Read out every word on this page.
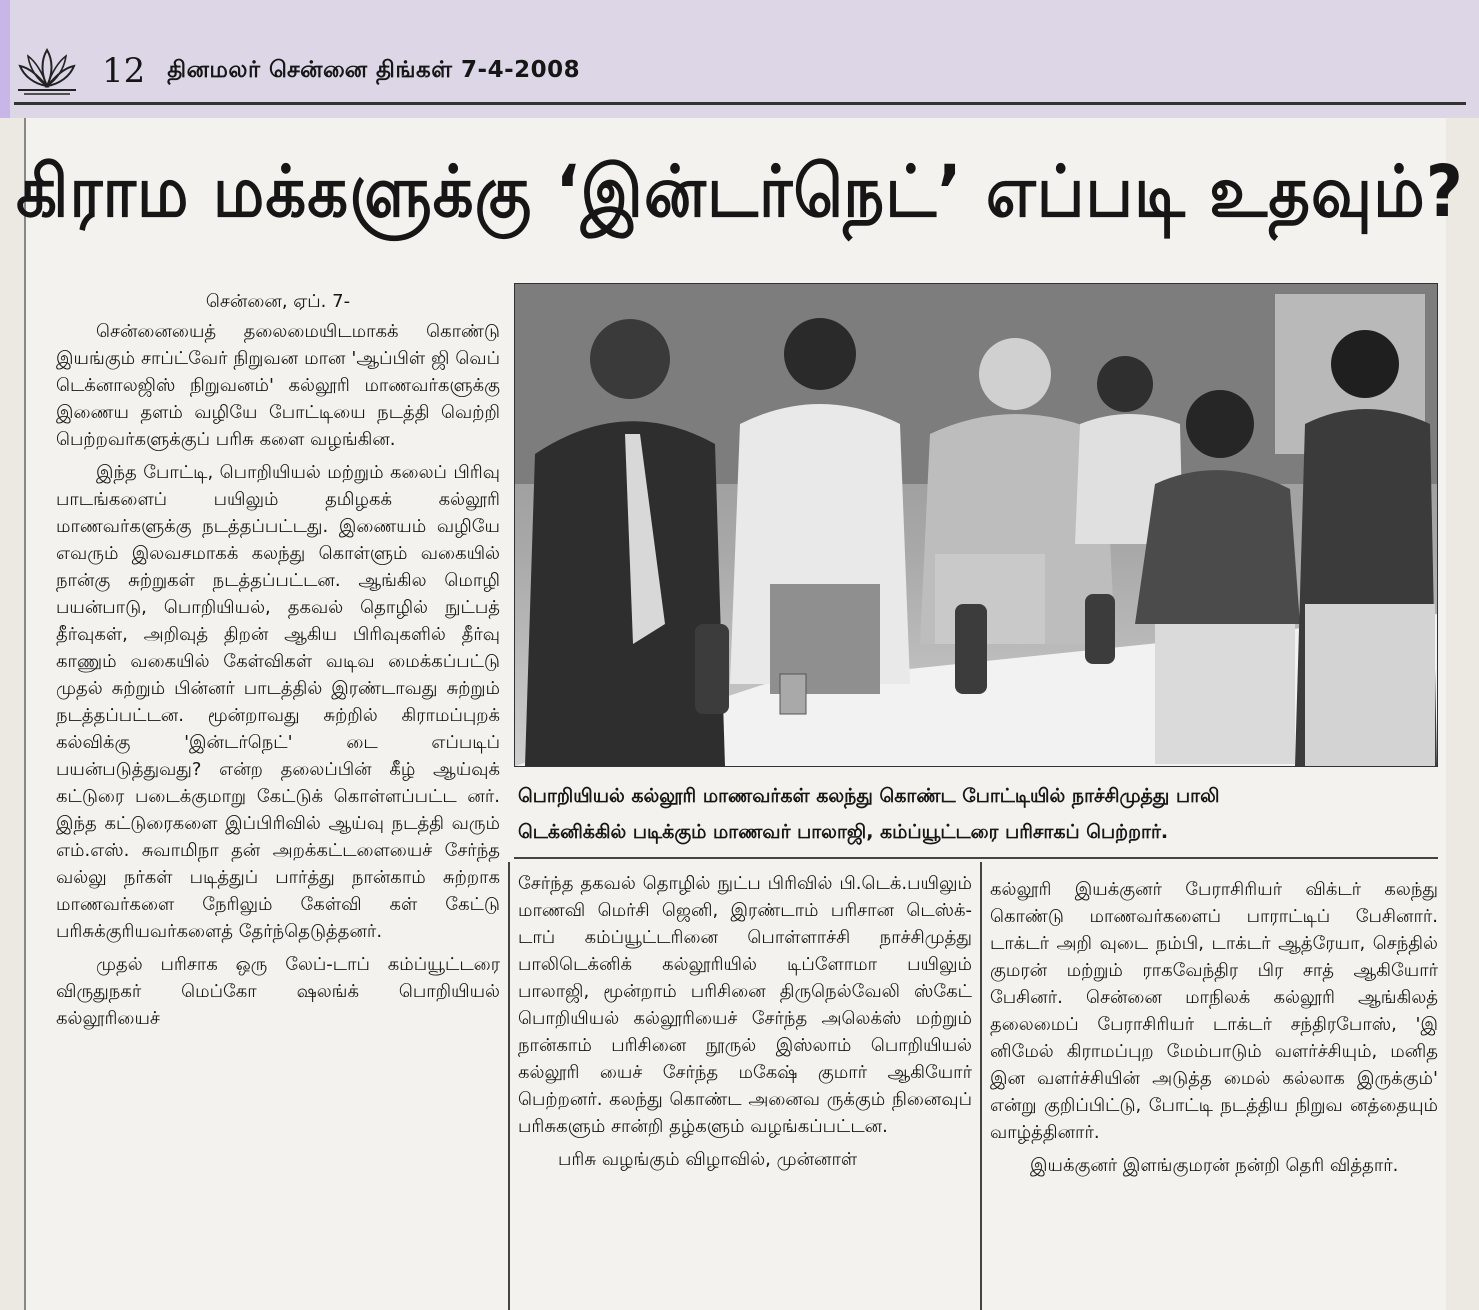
12 தினமலர் சென்னை திங்கள் 7-4-2008
கிராம மக்களுக்கு ‘இன்டர்நெட்’ எப்படி உதவும்?
சென்னை, ஏப். 7-

சென்னையைத் தலைமையிடமாகக் கொண்டு இயங்கும் சாப்ட்வேர் நிறுவன மான 'ஆப்பிள் ஜி வெப் டெக்னாலஜிஸ் நிறுவனம்' கல்லூரி மாணவர்களுக்கு இணைய தளம் வழியே போட்டியை நடத்தி வெற்றி பெற்றவர்களுக்குப் பரிசு களை வழங்கின.

இந்த போட்டி, பொறியியல் மற்றும் கலைப் பிரிவு பாடங்களைப் பயிலும் தமிழகக் கல்லூரி மாணவர்களுக்கு நடத்தப்பட்டது. இணையம் வழியே எவரும் இலவசமாகக் கலந்து கொள்ளும் வகையில் நான்கு சுற்றுகள் நடத்தப்பட்டன. ஆங்கில மொழி பயன்பாடு, பொறியியல், தகவல் தொழில் நுட்பத் தீர்வுகள், அறிவுத் திறன் ஆகிய பிரிவுகளில் தீர்வு காணும் வகையில் கேள்விகள் வடிவ மைக்கப்பட்டு முதல் சுற்றும் பின்னர் பாடத்தில் இரண்டாவது சுற்றும் நடத்தப்பட்டன. மூன்றாவது சுற்றில் கிராமப்புறக் கல்விக்கு 'இன்டர்நெட்' டை எப்படிப் பயன்படுத்துவது? என்ற தலைப்பின் கீழ் ஆய்வுக் கட்டுரை படைக்குமாறு கேட்டுக் கொள்ளப்பட்ட னர். இந்த கட்டுரைகளை இப்பிரிவில் ஆய்வு நடத்தி வரும் எம்.எஸ். சுவாமிநா தன் அறக்கட்டளையைச் சேர்ந்த வல்லு நர்கள் படித்துப் பார்த்து நான்காம் சுற்றாக மாணவர்களை நேரிலும் கேள்வி கள் கேட்டு பரிசுக்குரியவர்களைத் தேர்ந்தெடுத்தனர்.

முதல் பரிசாக ஒரு லேப்-டாப் கம்ப்யூட்டரை விருதுநகர் மெப்கோ ஷலங்க் பொறியியல் கல்லூரியைச்

பொறியியல் கல்லூரி மாணவர்கள் கலந்து கொண்ட போட்டியில் நாச்சிமுத்து பாலி
டெக்னிக்கில் படிக்கும் மாணவர் பாலாஜி, கம்ப்யூட்டரை பரிசாகப் பெற்றார்.

சேர்ந்த தகவல் தொழில் நுட்ப பிரிவில் பி.டெக்.பயிலும் மாணவி மெர்சி ஜெனி, இரண்டாம் பரிசான டெஸ்க்-டாப் கம்ப்யூட்டரினை பொள்ளாச்சி நாச்சிமுத்து பாலிடெக்னிக் கல்லூரியில் டிப்ளோமா பயிலும் பாலாஜி, மூன்றாம் பரிசினை திருநெல்வேலி ஸ்கேட் பொறியியல் கல்லூரியைச் சேர்ந்த அலெக்ஸ் மற்றும் நான்காம் பரிசினை நூருல் இஸ்லாம் பொறியியல் கல்லூரி யைச் சேர்ந்த மகேஷ் குமார் ஆகியோர் பெற்றனர். கலந்து கொண்ட அனைவ ருக்கும் நினைவுப் பரிசுகளும் சான்றி தழ்களும் வழங்கப்பட்டன.

பரிசு வழங்கும் விழாவில், முன்னாள்

கல்லூரி இயக்குனர் பேராசிரியர் விக்டர் கலந்து கொண்டு மாணவர்களைப் பாராட்டிப் பேசினார். டாக்டர் அறி வுடை நம்பி, டாக்டர் ஆத்ரேயா, செந்தில் குமரன் மற்றும் ராகவேந்திர பிர சாத் ஆகியோர் பேசினர். சென்னை மாநிலக் கல்லூரி ஆங்கிலத் தலைமைப் பேராசிரியர் டாக்டர் சந்திரபோஸ், 'இ னிமேல் கிராமப்புற மேம்பாடும் வளர்ச்சியும், மனித இன வளர்ச்சியின் அடுத்த மைல் கல்லாக இருக்கும்' என்று குறிப்பிட்டு, போட்டி நடத்திய நிறுவ னத்தையும் வாழ்த்தினார்.

இயக்குனர் இளங்குமரன் நன்றி தெரி வித்தார்.
